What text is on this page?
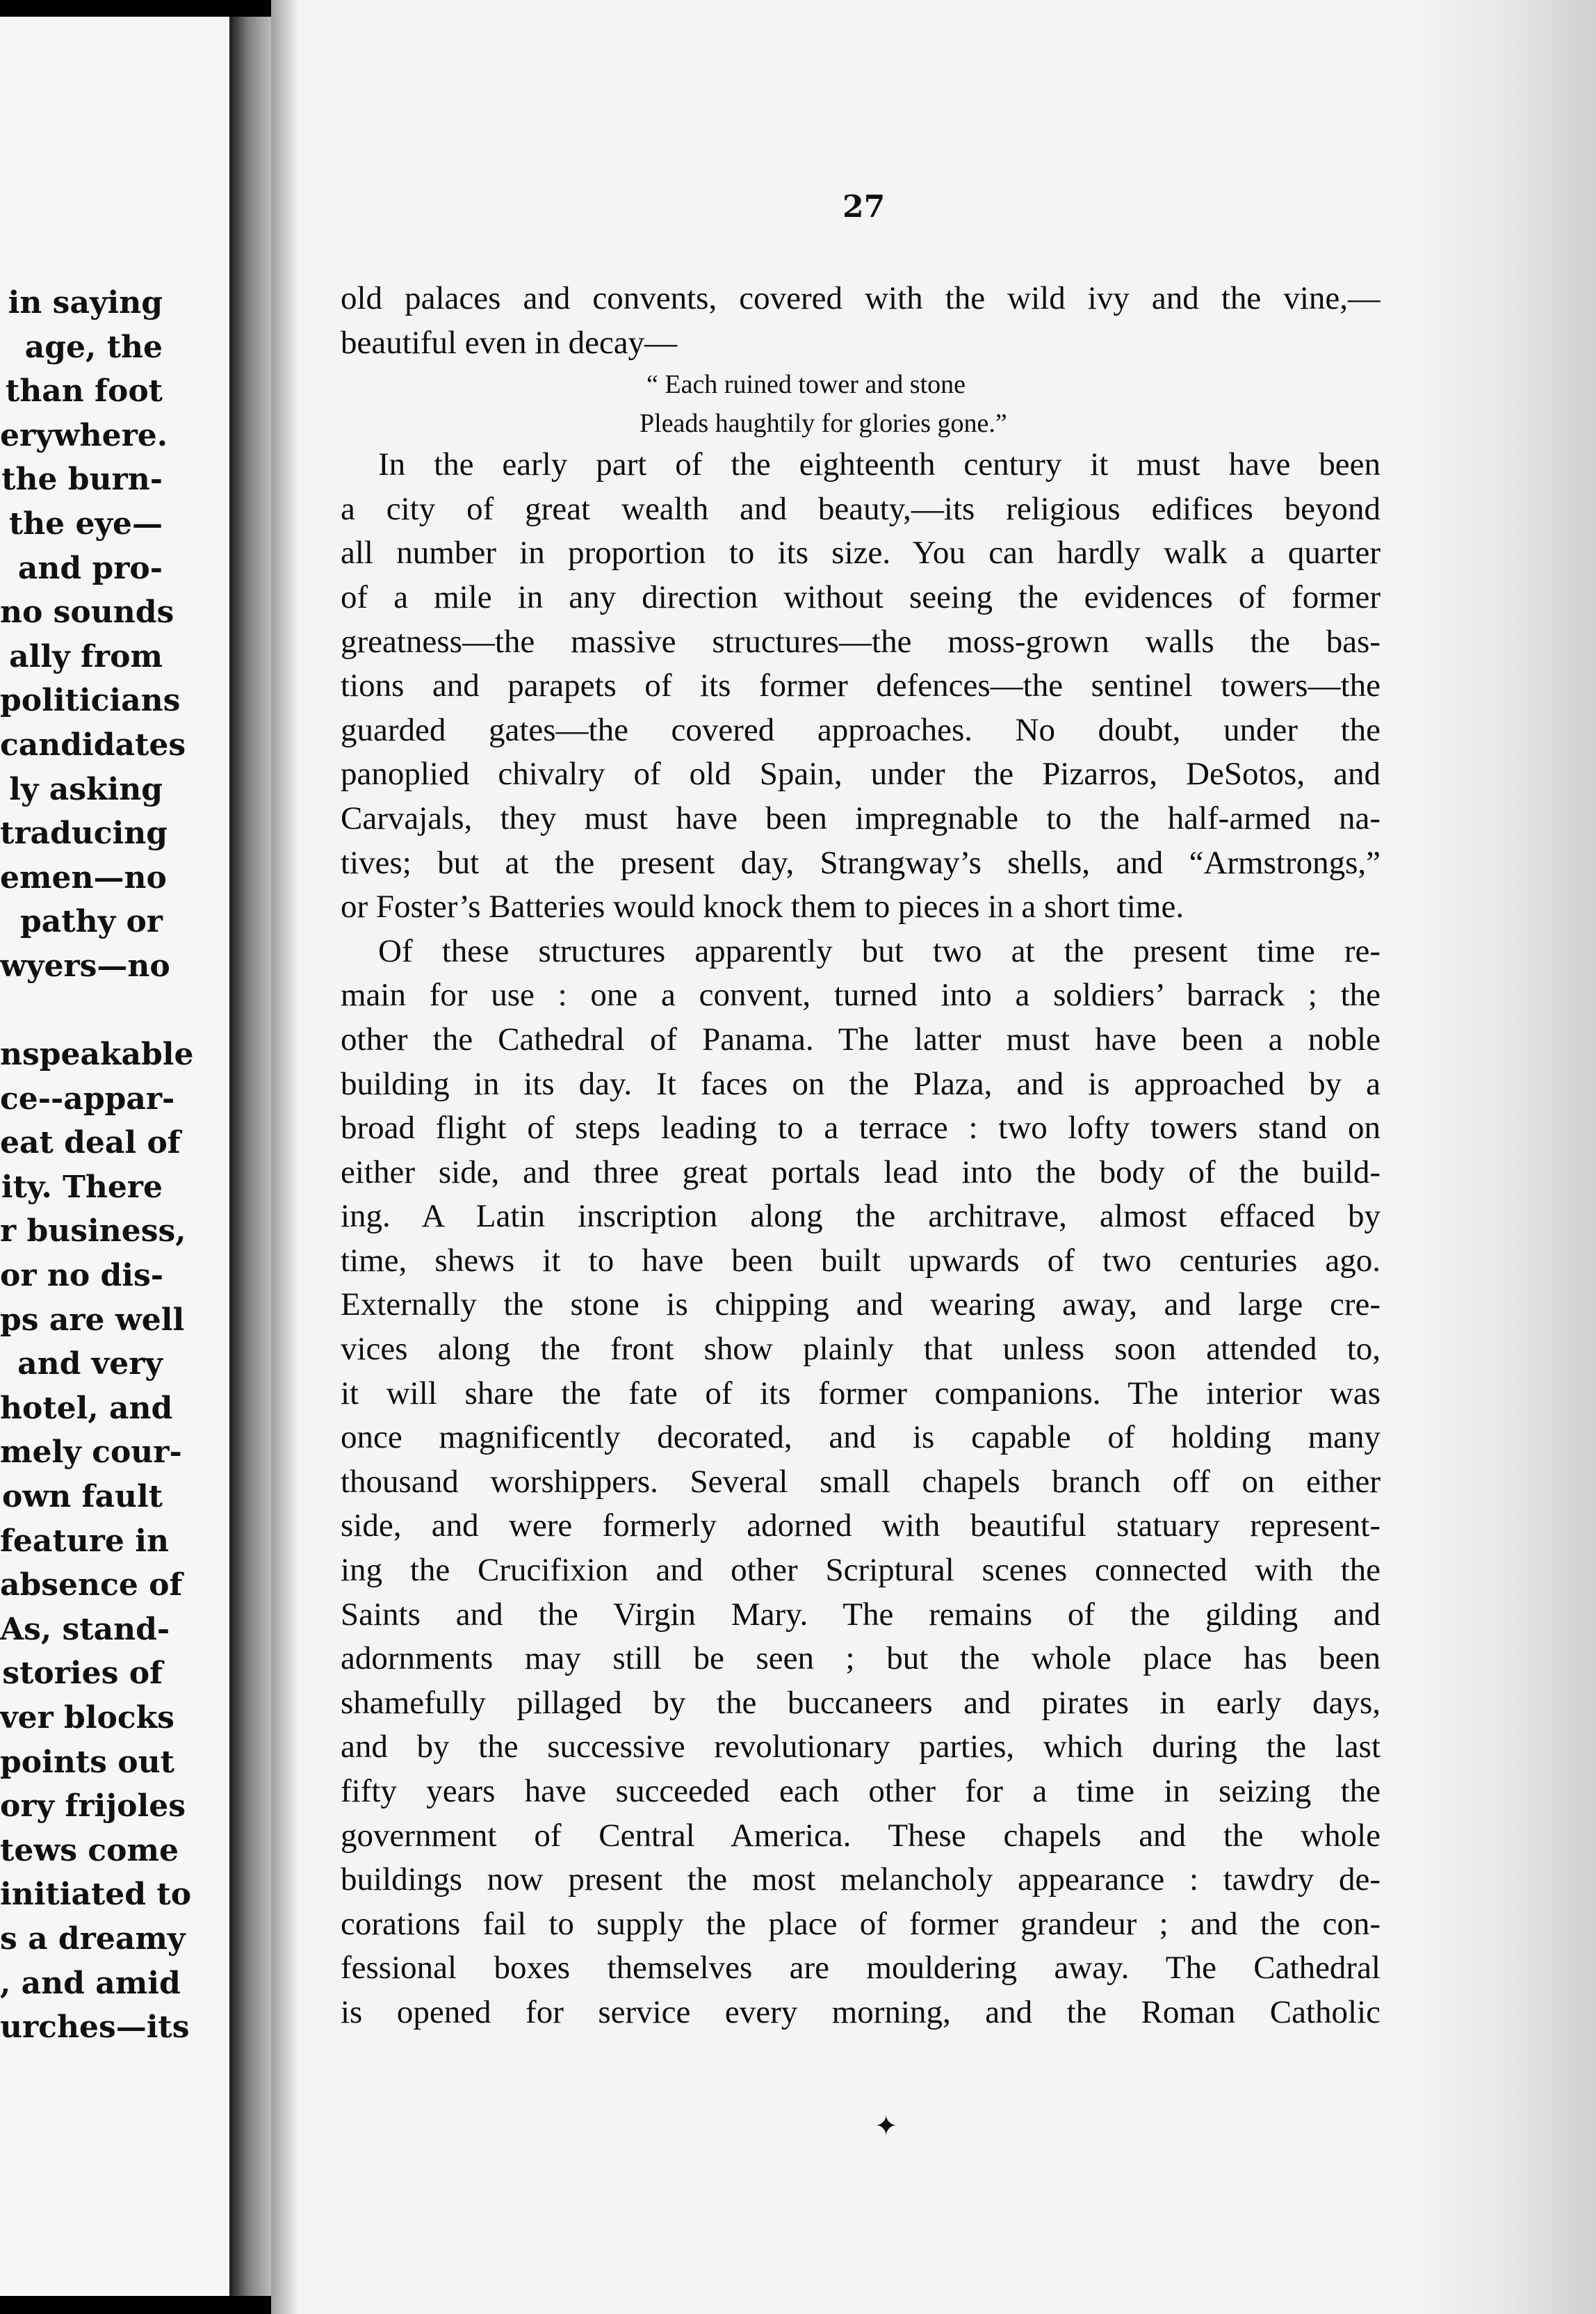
in saying
age, the
than foot
erywhere.
the burn-
the eye—
and pro-
no sounds
ally from
politicians
candidates
ly asking
traducing
emen—no
pathy or
wyers—no
nspeakable
ce--appar-
eat deal of
ity. There
r business,
or no dis-
ps are well
and very
hotel, and
mely cour-
own fault
feature in
absence of
As, stand-
stories of
ver blocks
points out
ory frijoles
tews come
initiated to
s a dreamy
, and amid
urches—its
27
old palaces and convents, covered with the wild ivy and the vine,—
beautiful even in decay—
“ Each ruined tower and stone
Pleads haughtily for glories gone.”
In the early part of the eighteenth century it must have been
a city of great wealth and beauty,—its religious edifices beyond
all number in proportion to its size. You can hardly walk a quarter
of a mile in any direction without seeing the evidences of former
greatness—the massive structures—the moss-grown walls the bas-
tions and parapets of its former defences—the sentinel towers—the
guarded gates—the covered approaches. No doubt, under the
panoplied chivalry of old Spain, under the Pizarros, DeSotos, and
Carvajals, they must have been impregnable to the half-armed na-
tives; but at the present day, Strangway’s shells, and “Armstrongs,”
or Foster’s Batteries would knock them to pieces in a short time.
Of these structures apparently but two at the present time re-
main for use : one a convent, turned into a soldiers’ barrack ; the
other the Cathedral of Panama. The latter must have been a noble
building in its day. It faces on the Plaza, and is approached by a
broad flight of steps leading to a terrace : two lofty towers stand on
either side, and three great portals lead into the body of the build-
ing. A Latin inscription along the architrave, almost effaced by
time, shews it to have been built upwards of two centuries ago.
Externally the stone is chipping and wearing away, and large cre-
vices along the front show plainly that unless soon attended to,
it will share the fate of its former companions. The interior was
once magnificently decorated, and is capable of holding many
thousand worshippers. Several small chapels branch off on either
side, and were formerly adorned with beautiful statuary represent-
ing the Crucifixion and other Scriptural scenes connected with the
Saints and the Virgin Mary. The remains of the gilding and
adornments may still be seen ; but the whole place has been
shamefully pillaged by the buccaneers and pirates in early days,
and by the successive revolutionary parties, which during the last
fifty years have succeeded each other for a time in seizing the
government of Central America. These chapels and the whole
buildings now present the most melancholy appearance : tawdry de-
corations fail to supply the place of former grandeur ; and the con-
fessional boxes themselves are mouldering away. The Cathedral
is opened for service every morning, and the Roman Catholic
✦
